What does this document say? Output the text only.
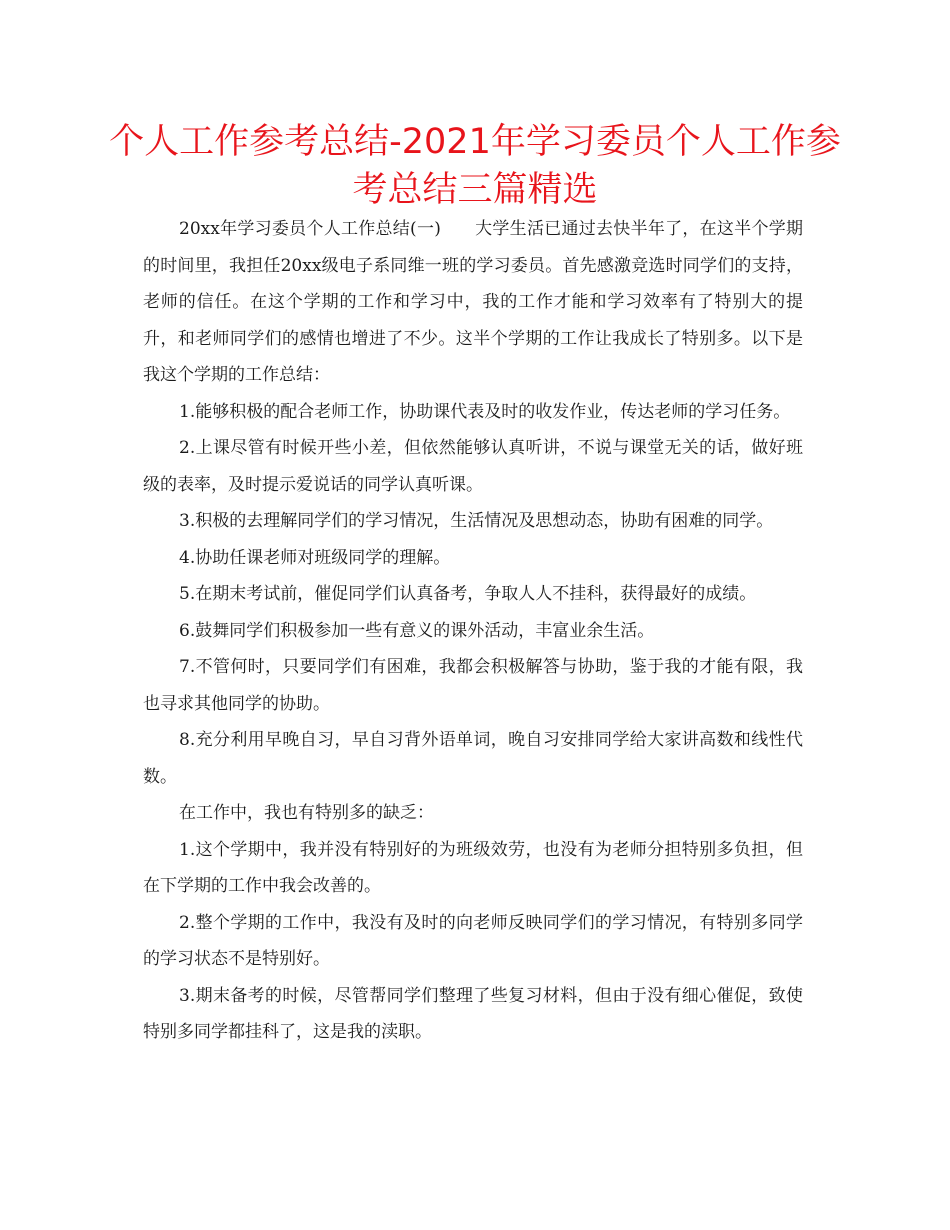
个人工作参考总结-2021年学习委员个人工作参
考总结三篇精选

20xx年学习委员个人工作总结(一) 大学生活已通过去快半年了，在这半个学期的时间里，我担任20xx级电子系同维一班的学习委员。首先感激竞选时同学们的支持，老师的信任。在这个学期的工作和学习中，我的工作才能和学习效率有了特别大的提升，和老师同学们的感情也增进了不少。这半个学期的工作让我成长了特别多。以下是我这个学期的工作总结：

1.能够积极的配合老师工作，协助课代表及时的收发作业，传达老师的学习任务。

2.上课尽管有时候开些小差，但依然能够认真听讲，不说与课堂无关的话，做好班级的表率，及时提示爱说话的同学认真听课。

3.积极的去理解同学们的学习情况，生活情况及思想动态，协助有困难的同学。

4.协助任课老师对班级同学的理解。

5.在期末考试前，催促同学们认真备考，争取人人不挂科，获得最好的成绩。

6.鼓舞同学们积极参加一些有意义的课外活动，丰富业余生活。

7.不管何时，只要同学们有困难，我都会积极解答与协助，鉴于我的才能有限，我也寻求其他同学的协助。

8.充分利用早晚自习，早自习背外语单词，晚自习安排同学给大家讲高数和线性代数。

在工作中，我也有特别多的缺乏：

1.这个学期中，我并没有特别好的为班级效劳，也没有为老师分担特别多负担，但在下学期的工作中我会改善的。

2.整个学期的工作中，我没有及时的向老师反映同学们的学习情况，有特别多同学的学习状态不是特别好。

3.期末备考的时候，尽管帮同学们整理了些复习材料，但由于没有细心催促，致使特别多同学都挂科了，这是我的渎职。
